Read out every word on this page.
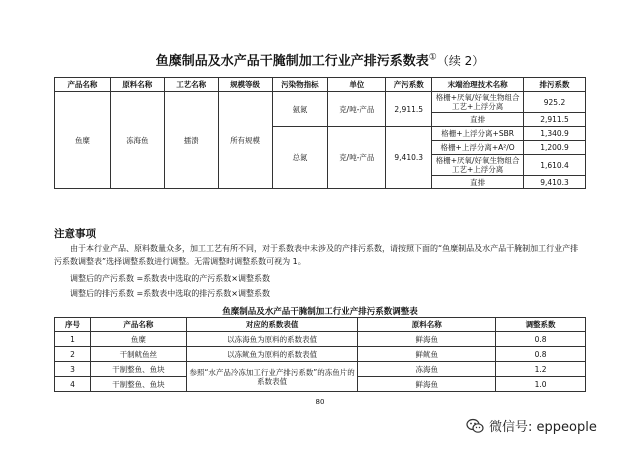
鱼糜制品及水产品干腌制加工行业产排污系数表①（续 2）
产品名称	原料名称	工艺名称	规模等级	污染物指标	单位	产污系数	末端治理技术名称	排污系数
鱼糜	冻海鱼	擂溃	所有规模	氨氮	克/吨-产品	2,911.5	格栅+厌氧/好氧生物组合工艺+上浮分离	925.2
							直排	2,911.5
				总氮	克/吨-产品	9,410.3	格栅+上浮分离+SBR	1,340.9
							格栅+上浮分离+A²/O	1,200.9
							格栅+厌氧/好氧生物组合工艺+上浮分离	1,610.4
							直排	9,410.3
注意事项
由于本行业产品、原料数量众多，加工工艺有所不同，对于系数表中未涉及的产排污系数，请按照下面的“鱼糜制品及水产品干腌制加工行业产排污系数调整表”选择调整系数进行调整。无需调整时调整系数可视为 1。
调整后的产污系数 =系数表中选取的产污系数×调整系数
调整后的排污系数 =系数表中选取的排污系数×调整系数
鱼糜制品及水产品干腌制加工行业产排污系数调整表
序号	产品名称	对应的系数表值	原料名称	调整系数
1	鱼糜	以冻海鱼为原料的系数表值	鲜海鱼	0.8
2	干制鱿鱼丝	以冻鱿鱼为原料的系数表值	鲜鱿鱼	0.8
3	干制整鱼、鱼块	参照“水产品冷冻加工行业产排污系数”的冻鱼片的系数表值	冻海鱼	1.2
4	干制整鱼、鱼块		鲜海鱼	1.0
80
微信号: eppeople
